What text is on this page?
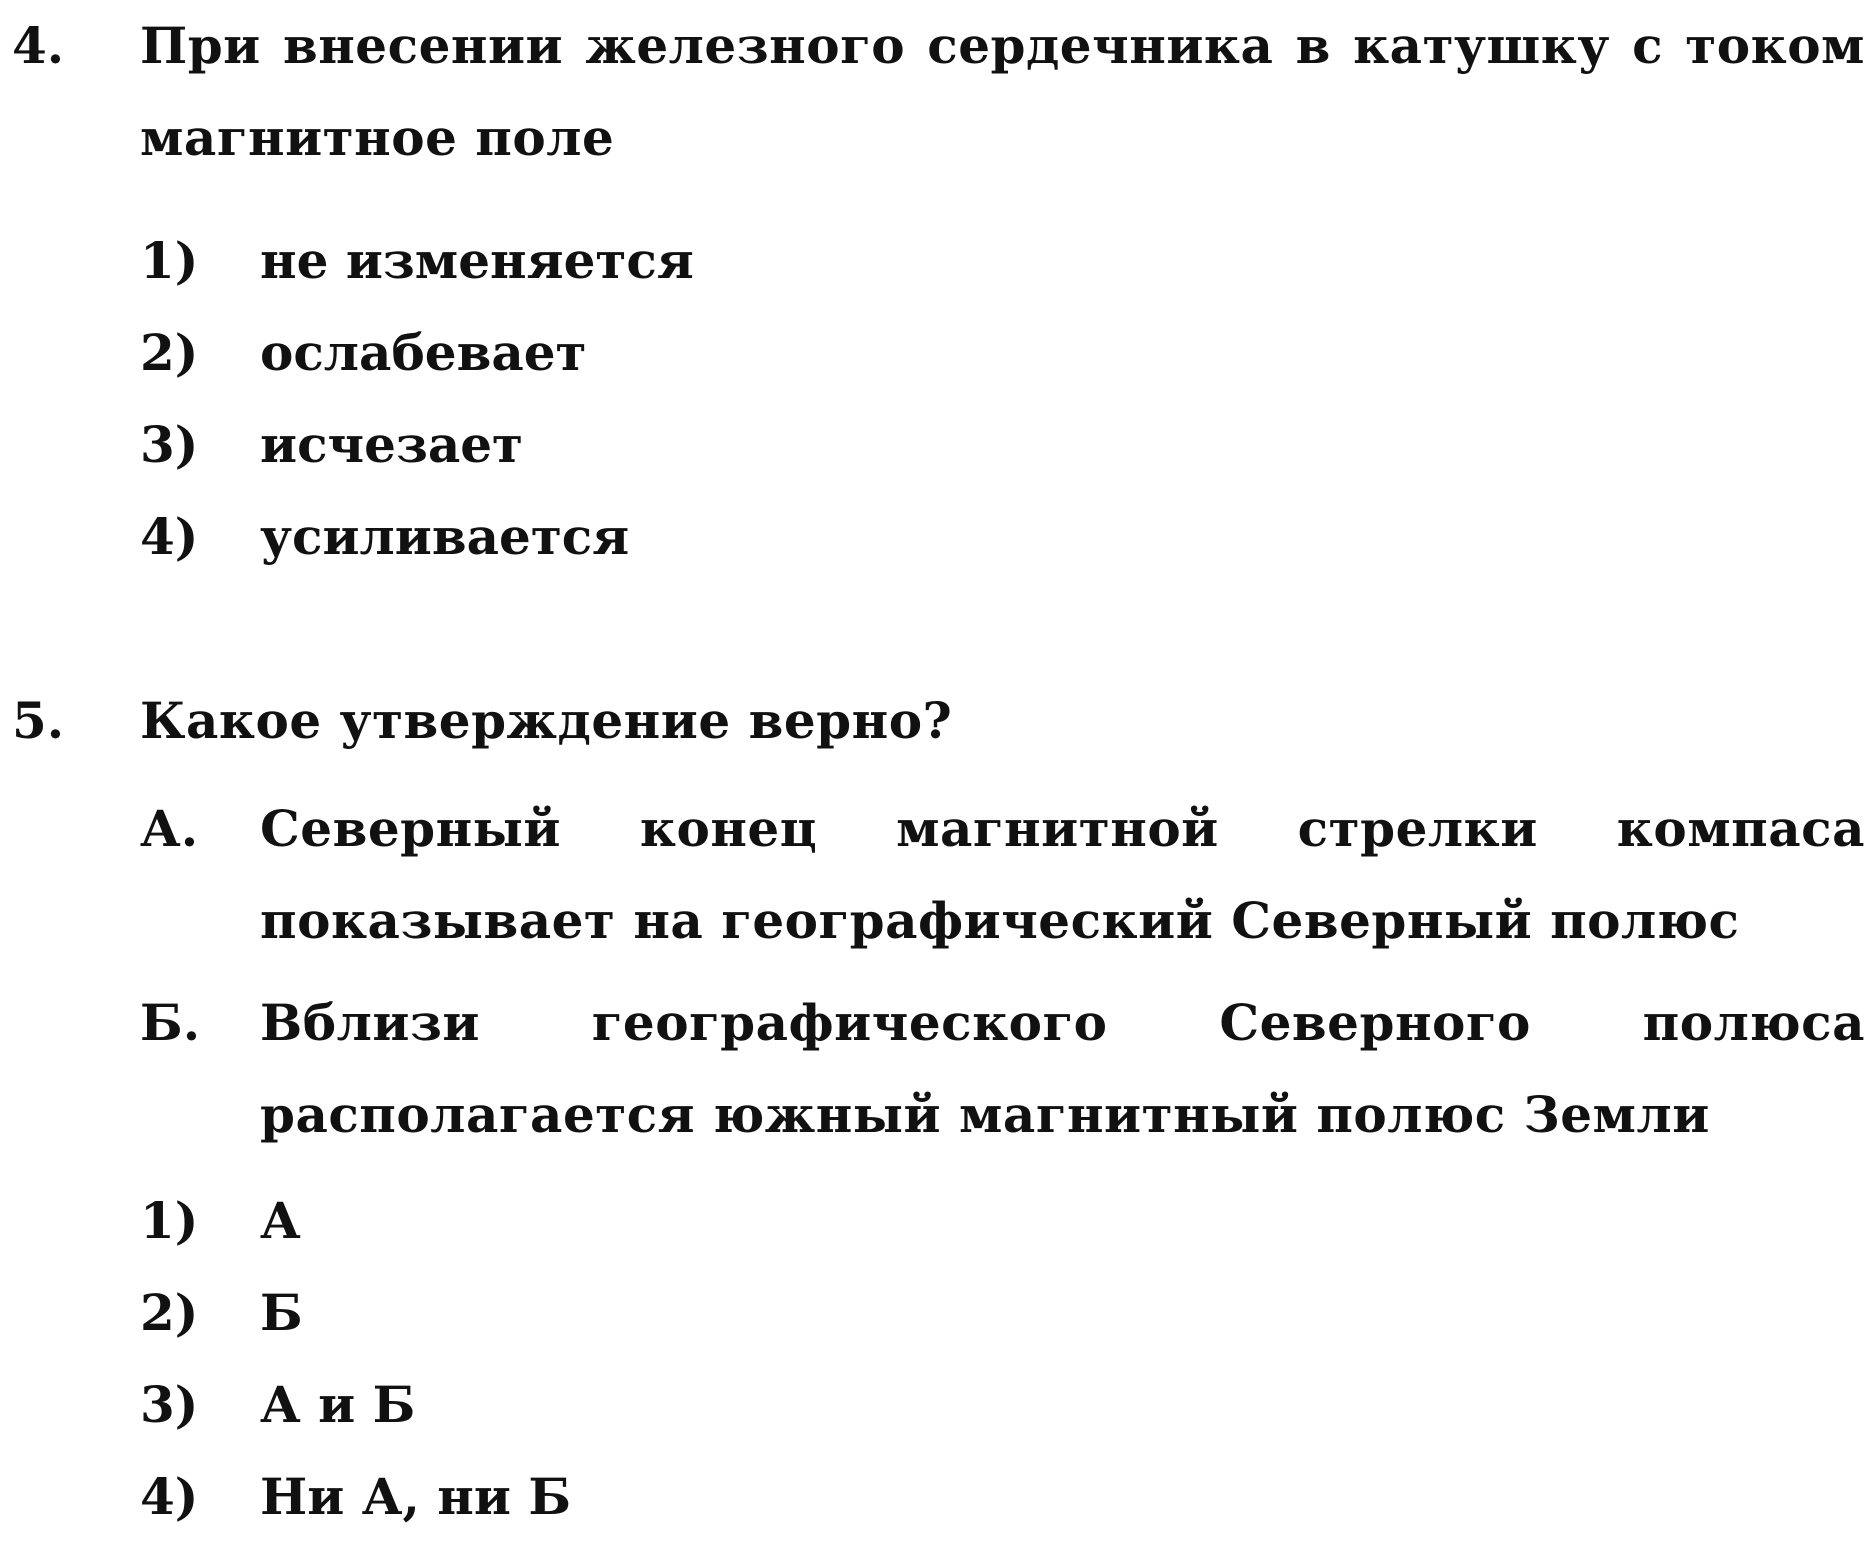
4. При внесении железного сердечника в катушку с током
магнитное поле
1)	не изменяется
2)	ослабевает
3)	исчезает
4)	усиливается
5. Какое утверждение верно?
А. Северный конец магнитной стрелки компаса показывает на географический Северный полюс
Б. Вблизи географического Северного полюса располагается южный магнитный полюс Земли
1)	А
2)	Б
3)	А и Б
4)	Ни А, ни Б
